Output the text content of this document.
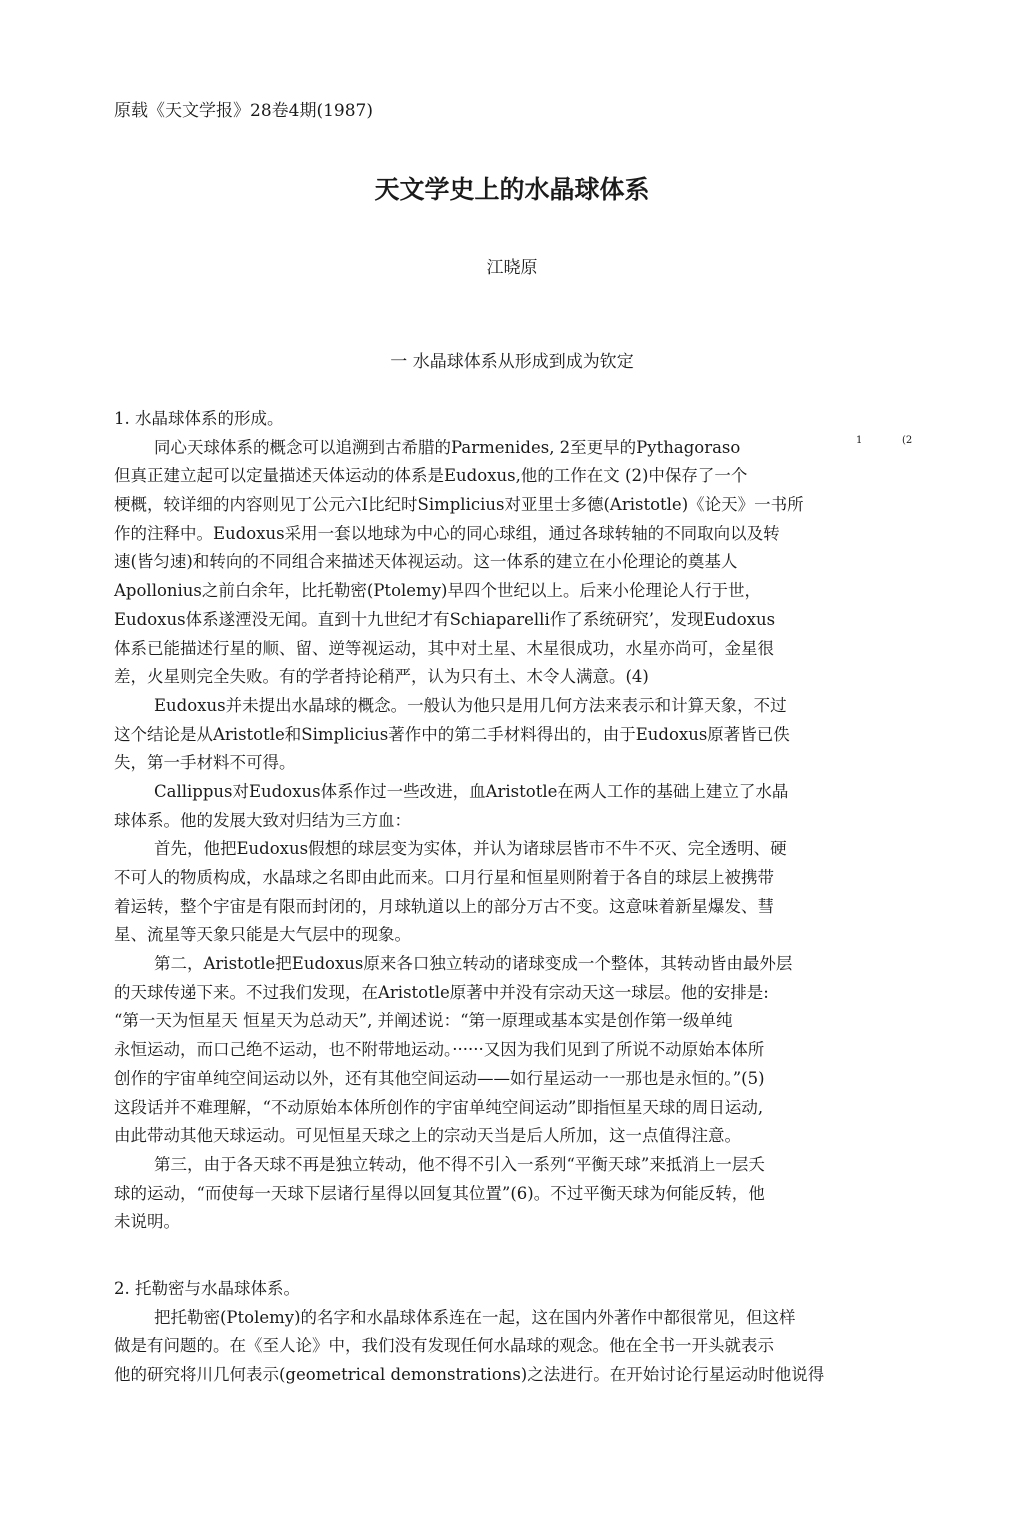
原载《天文学报》28卷4期(1987)
天文学史上的水晶球体系
江晓原
一 水晶球体系从形成到成为钦定
1	(2
1. 水晶球体系的形成。
同心天球体系的概念可以追溯到古希腊的Parmenides, 2至更早的Pythagoraso
但真正建立起可以定量描述天体运动的体系是Eudoxus,他的工作在文 (2)中保存了一个
梗概，较详细的内容则见丁公元六I比纪时Simplicius对亚里士多德(Aristotle)《论天》一书所
作的注释中。Eudoxus采用一套以地球为中心的同心球组，通过各球转轴的不同取向以及转
速(皆匀速)和转向的不同组合来描述天体视运动。这一体系的建立在小伦理论的奠基人
Apollonius之前白余年，比托勒密(Ptolemy)早四个世纪以上。后来小伦理论人行于世，
Eudoxus体系遂湮没无闻。直到十九世纪才有Schiaparelli作了系统研究’，发现Eudoxus
体系已能描述行星的顺、留、逆等视运动，其中对土星、木星很成功，水星亦尚可，金星很
差，火星则完全失败。有的学者持论稍严，认为只有土、木令人满意。(4)
Eudoxus并未提出水晶球的概念。一般认为他只是用几何方法来表示和计算天象，不过
这个结论是从Aristotle和Simplicius著作中的第二手材料得出的，由于Eudoxus原著皆已佚
失，第一手材料不可得。
Callippus对Eudoxus体系作过一些改进，血Aristotle在两人工作的基础上建立了水晶
球体系。他的发展大致对归结为三方血：
首先，他把Eudoxus假想的球层变为实体，并认为诸球层皆市不牛不灭、完全透明、硬
不可人的物质构成，水晶球之名即由此而来。口月行星和恒星则附着于各自的球层上被携带
着运转，整个宇宙是有限而封闭的，月球轨道以上的部分万古不变。这意味着新星爆发、彗
星、流星等天象只能是大气层中的现象。
第二，Aristotle把Eudoxus原来各口独立转动的诸球变成一个整体，其转动皆由最外层
的天球传递下来。不过我们发现，在Aristotle原著中并没有宗动天这一球层。他的安排是:
“第一天为恒星天 恒星天为总动天”, 并阐述说：“第一原理或基本实是创作第一级单纯
永恒运动，而口己绝不运动，也不附带地运动。······又因为我们见到了所说不动原始本体所
创作的宇宙单纯空间运动以外，还有其他空间运动——如行星运动一一那也是永恒的。”(5)
这段话并不难理解，“不动原始本体所创作的宇宙单纯空间运动”即指恒星天球的周日运动,
由此带动其他天球运动。可见恒星天球之上的宗动天当是后人所加，这一点值得注意。
第三，由于各天球不再是独立转动，他不得不引入一系列“平衡天球”来抵消上一层夭
球的运动，“而使每一天球下层诸行星得以回复其位置”(6)。不过平衡天球为何能反转，他
未说明。
2. 托勒密与水晶球体系。
把托勒密(Ptolemy)的名字和水晶球体系连在一起，这在国内外著作中都很常见，但这样
做是有问题的。在《至人论》中，我们没有发现任何水晶球的观念。他在全书一开头就表示
他的研究将川几何表示(geometrical demonstrations)之法进行。在开始讨论行星运动时他说得
